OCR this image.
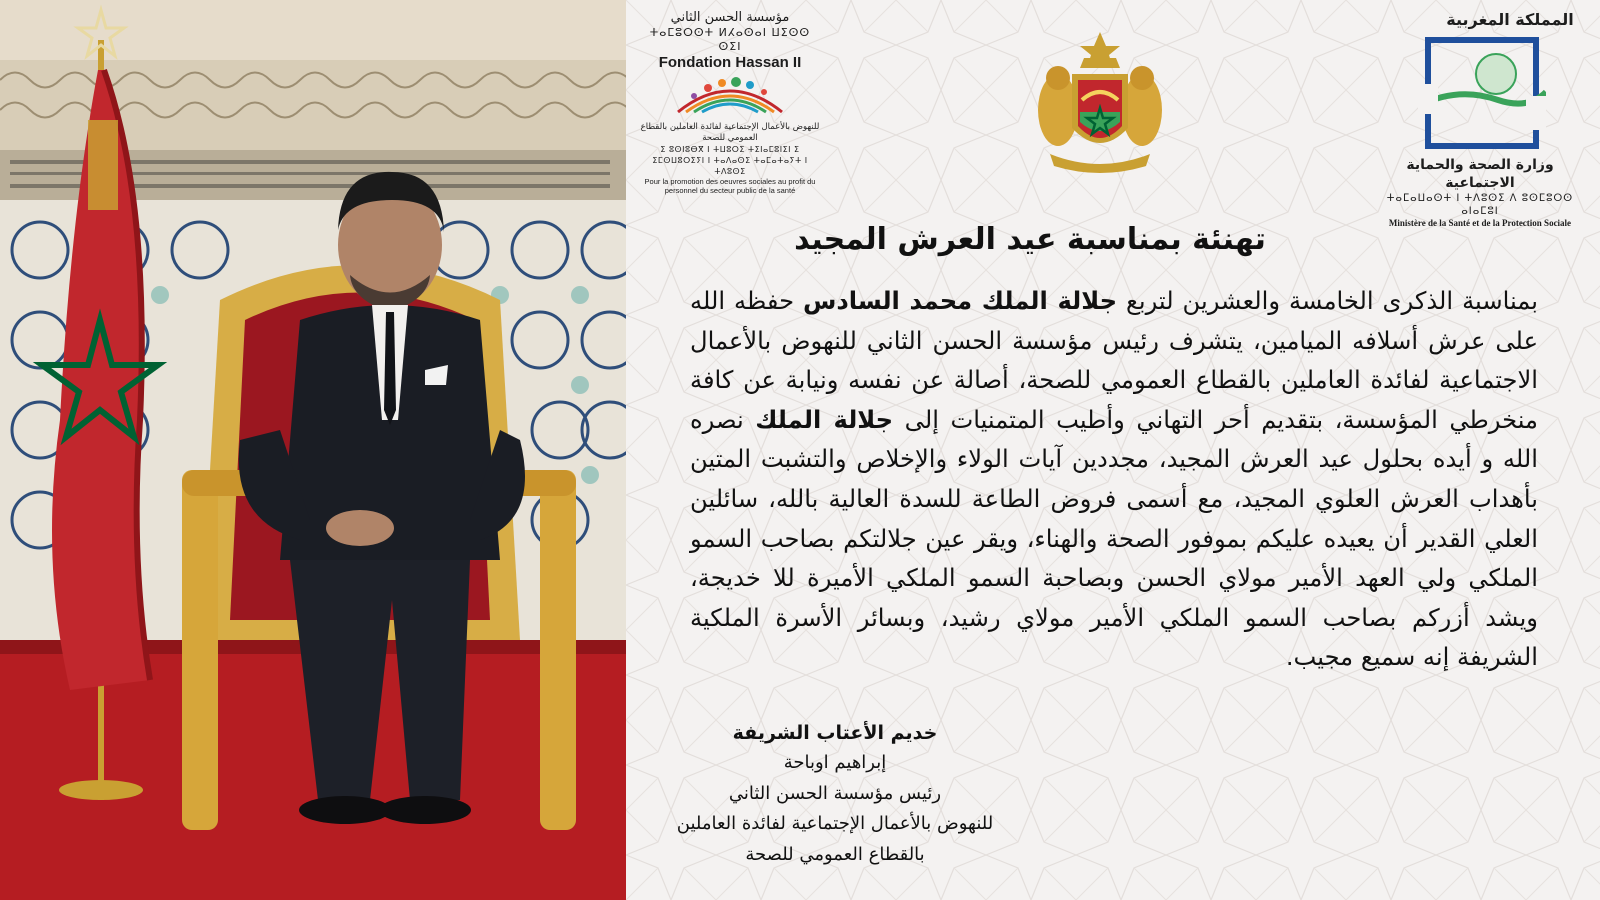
مؤسسة الحسن الثاني
ⵜⴰⵎⵓⵔⵙⵜ ⵍⵃⴰⵙⴰⵏ ⵡⵉⵙⵙ ⵙⵉⵏ
Fondation Hassan II
للنهوض بالأعمال الإجتماعية لفائدة العاملين بالقطاع العمومي للصحة
ⵉ ⵓⵙⵏⵓⴱⴳ ⵏ ⵜⵡⵓⵔⵉ ⵜⵉⵏⴰⵎⵓⵏⵉⵏ ⵉ ⵉⵎⵙⵡⵓⵔⵉⵢⵏ ⵏ ⵜⴰⴷⴰⵙⵉ ⵜⴰⵎⴰⵜⴰⵢⵜ ⵏ ⵜⴷⵓⵙⵉ
Pour la promotion des oeuvres sociales au profit du personnel du secteur public de la santé
المملكة المغربية
وزارة الصحة والحماية الاجتماعية
ⵜⴰⵎⴰⵡⴰⵙⵜ ⵏ ⵜⴷⵓⵙⵉ ⴷ ⵓⵙⵎⵓⵔⵙ ⴰⵏⴰⵎⵓⵏ
Ministère de la Santé et de la Protection Sociale
تهنئة بمناسبة عيد العرش المجيد
بمناسبة الذكرى الخامسة والعشرين لتربع جلالة الملك محمد السادس حفظه الله على عرش أسلافه الميامين، يتشرف رئيس مؤسسة الحسن الثاني للنهوض بالأعمال الاجتماعية لفائدة العاملين بالقطاع العمومي للصحة، أصالة عن نفسه ونيابة عن كافة منخرطي المؤسسة، بتقديم أحر التهاني وأطيب المتمنيات إلى جلالة الملك نصره الله و أيده بحلول عيد العرش المجيد، مجددين آيات الولاء والإخلاص والتشبت المتين بأهداب العرش العلوي المجيد، مع أسمى فروض الطاعة للسدة العالية بالله، سائلين العلي القدير أن يعيده عليكم بموفور الصحة والهناء، ويقر عين جلالتكم بصاحب السمو الملكي ولي العهد الأمير مولاي الحسن وبصاحبة السمو الملكي الأميرة للا خديجة، ويشد أزركم بصاحب السمو الملكي الأمير مولاي رشيد، وبسائر الأسرة الملكية الشريفة إنه سميع مجيب.
خديم الأعتاب الشريفة
إبراهيم اوباحة
رئيس مؤسسة الحسن الثاني
للنهوض بالأعمال الإجتماعية لفائدة العاملين
بالقطاع العمومي للصحة
